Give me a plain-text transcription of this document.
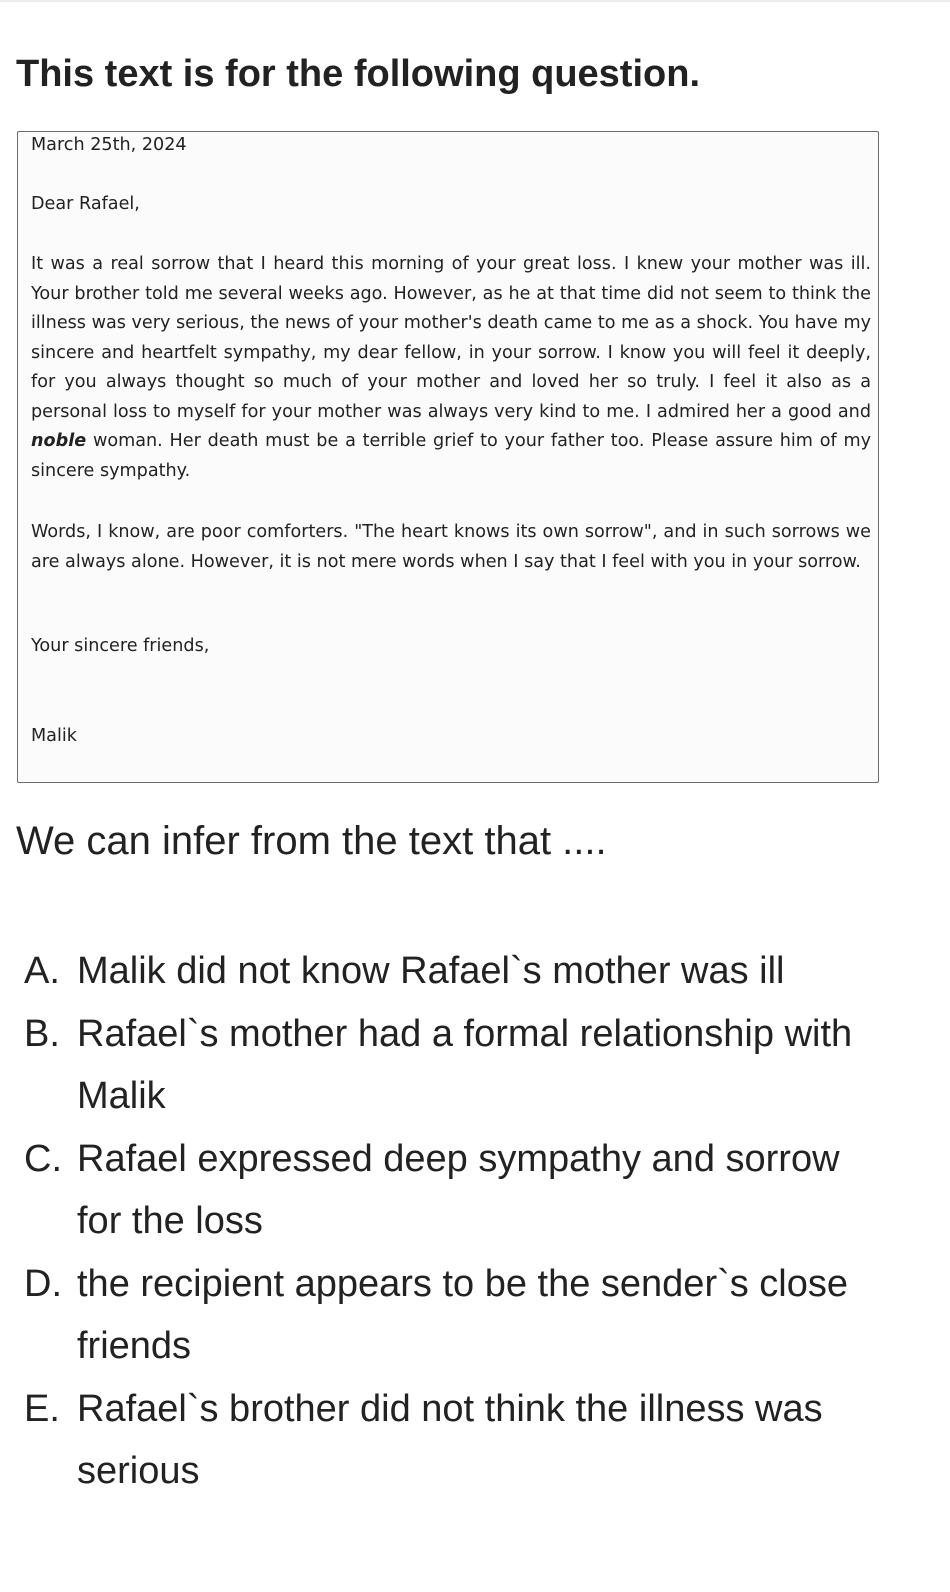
This text is for the following question.
March 25th, 2024
Dear Rafael,
It was a real sorrow that I heard this morning of your great loss. I knew your mother was ill. Your brother told me several weeks ago. However, as he at that time did not seem to think the illness was very serious, the news of your mother's death came to me as a shock. You have my sincere and heartfelt sympathy, my dear fellow, in your sorrow. I know you will feel it deeply, for you always thought so much of your mother and loved her so truly. I feel it also as a personal loss to myself for your mother was always very kind to me. I admired her a good and noble woman. Her death must be a terrible grief to your father too. Please assure him of my sincere sympathy.
Words, I know, are poor comforters. "The heart knows its own sorrow", and in such sorrows we are always alone. However, it is not mere words when I say that I feel with you in your sorrow.
Your sincere friends,
Malik
We can infer from the text that ....
A. Malik did not know Rafael`s mother was ill
B. Rafael`s mother had a formal relationship with Malik
C. Rafael expressed deep sympathy and sorrow for the loss
D. the recipient appears to be the sender`s close friends
E. Rafael`s brother did not think the illness was serious
